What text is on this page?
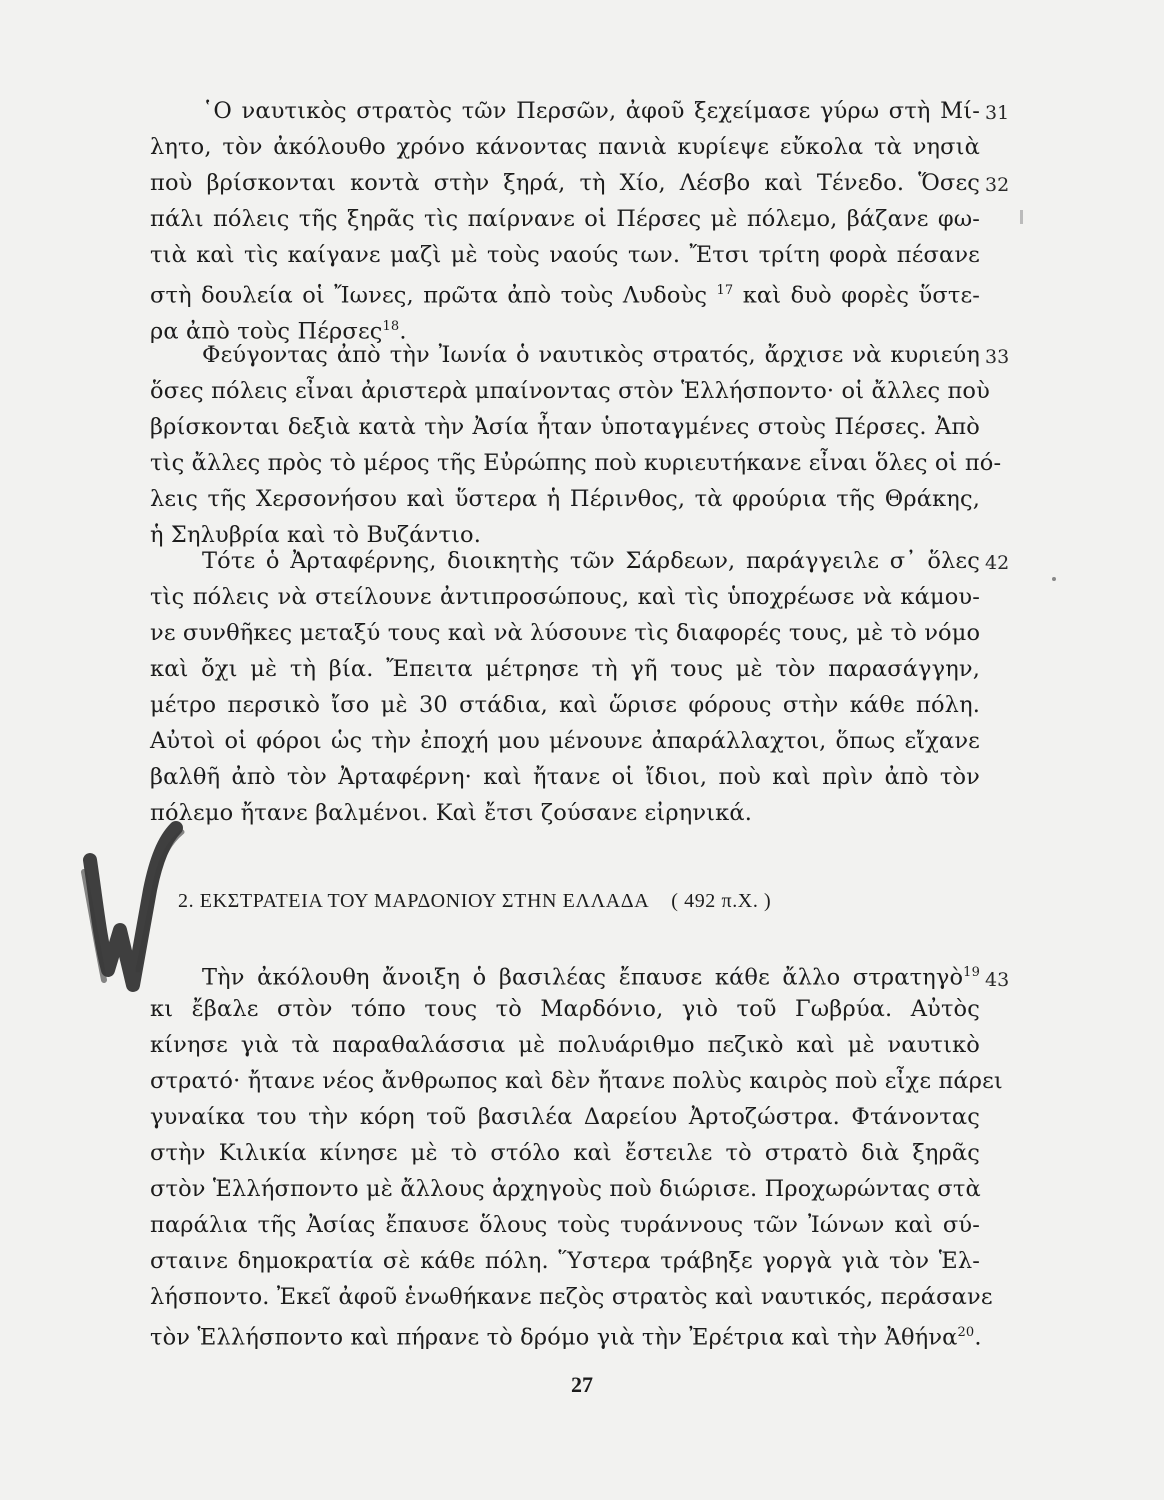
῾Ο ναυτικὸς στρατὸς τῶν Περσῶν, ἀφοῦ ξεχείμασε γύρω στὴ Μί-
λητο, τὸν ἀκόλουθο χρόνο κάνοντας πανιὰ κυρίεψε εὔκολα τὰ νησιὰ
ποὺ βρίσκονται κοντὰ στὴν ξηρά, τὴ Χίο, Λέσβο καὶ Τένεδο. Ὅσες
πάλι πόλεις τῆς ξηρᾶς τὶς παίρνανε οἱ Πέρσες μὲ πόλεμο, βάζανε φω-
τιὰ καὶ τὶς καίγανε μαζὶ μὲ τοὺς ναούς των. Ἔτσι τρίτη φορὰ πέσανε
στὴ δουλεία οἱ Ἴωνες, πρῶτα ἀπὸ τοὺς Λυδοὺς $^{17}$ καὶ δυὸ φορὲς ὕστε-
ρα ἀπὸ τοὺς Πέρσες$^{18}$.
Φεύγοντας ἀπὸ τὴν Ἰωνία ὁ ναυτικὸς στρατός, ἄρχισε νὰ κυριεύη
ὅσες πόλεις εἶναι ἀριστερὰ μπαίνοντας στὸν Ἑλλήσποντο· οἱ ἄλλες ποὺ
βρίσκονται δεξιὰ κατὰ τὴν Ἀσία ἦταν ὑποταγμένες στοὺς Πέρσες. Ἀπὸ
τὶς ἄλλες πρὸς τὸ μέρος τῆς Εὐρώπης ποὺ κυριευτήκανε εἶναι ὅλες οἱ πό-
λεις τῆς Χερσονήσου καὶ ὕστερα ἡ Πέρινθος, τὰ φρούρια τῆς Θράκης,
ἡ Σηλυβρία καὶ τὸ Βυζάντιο.
Τότε ὁ Ἀρταφέρνης, διοικητὴς τῶν Σάρδεων, παράγγειλε σ᾽ ὅλες
τὶς πόλεις νὰ στείλουνε ἀντιπροσώπους, καὶ τὶς ὑποχρέωσε νὰ κάμου-
νε συνθῆκες μεταξύ τους καὶ νὰ λύσουνε τὶς διαφορές τους, μὲ τὸ νόμο
καὶ ὄχι μὲ τὴ βία. Ἔπειτα μέτρησε τὴ γῆ τους μὲ τὸν παρασάγγην,
μέτρο περσικὸ ἴσο μὲ 30 στάδια, καὶ ὥρισε φόρους στὴν κάθε πόλη.
Αὐτοὶ οἱ φόροι ὡς τὴν ἐποχή μου μένουνε ἀπαράλλαχτοι, ὅπως εἴχανε
βαλθῆ ἀπὸ τὸν Ἀρταφέρνη· καὶ ἤτανε οἱ ἴδιοι, ποὺ καὶ πρὶν ἀπὸ τὸν
πόλεμο ἤτανε βαλμένοι. Καὶ ἔτσι ζούσανε εἰρηνικά.
2. ΕΚΣΤΡΑΤΕΙΑ ΤΟΥ ΜΑΡΔΟΝΙΟΥ ΣΤΗΝ ΕΛΛΑΔΑ ( 492 π.Χ. )
Τὴν ἀκόλουθη ἄνοιξη ὁ βασιλέας ἔπαυσε κάθε ἄλλο στρατηγὸ$^{19}$
κι ἔβαλε στὸν τόπο τους τὸ Μαρδόνιο, γιὸ τοῦ Γωβρύα. Αὐτὸς
κίνησε γιὰ τὰ παραθαλάσσια μὲ πολυάριθμο πεζικὸ καὶ μὲ ναυτικὸ
στρατό· ἤτανε νέος ἄνθρωπος καὶ δὲν ἤτανε πολὺς καιρὸς ποὺ εἶχε πάρει
γυναίκα του τὴν κόρη τοῦ βασιλέα Δαρείου Ἀρτοζώστρα. Φτάνοντας
στὴν Κιλικία κίνησε μὲ τὸ στόλο καὶ ἔστειλε τὸ στρατὸ διὰ ξηρᾶς
στὸν Ἑλλήσποντο μὲ ἄλλους ἀρχηγοὺς ποὺ διώρισε. Προχωρώντας στὰ
παράλια τῆς Ἀσίας ἔπαυσε ὅλους τοὺς τυράννους τῶν Ἰώνων καὶ σύ-
σταινε δημοκρατία σὲ κάθε πόλη. Ὕστερα τράβηξε γοργὰ γιὰ τὸν Ἑλ-
λήσποντο. Ἐκεῖ ἀφοῦ ἑνωθήκανε πεζὸς στρατὸς καὶ ναυτικός, περάσανε
τὸν Ἑλλήσποντο καὶ πήρανε τὸ δρόμο γιὰ τὴν Ἐρέτρια καὶ τὴν Ἀθήνα$^{20}$.
31
32
33
42
43
27
